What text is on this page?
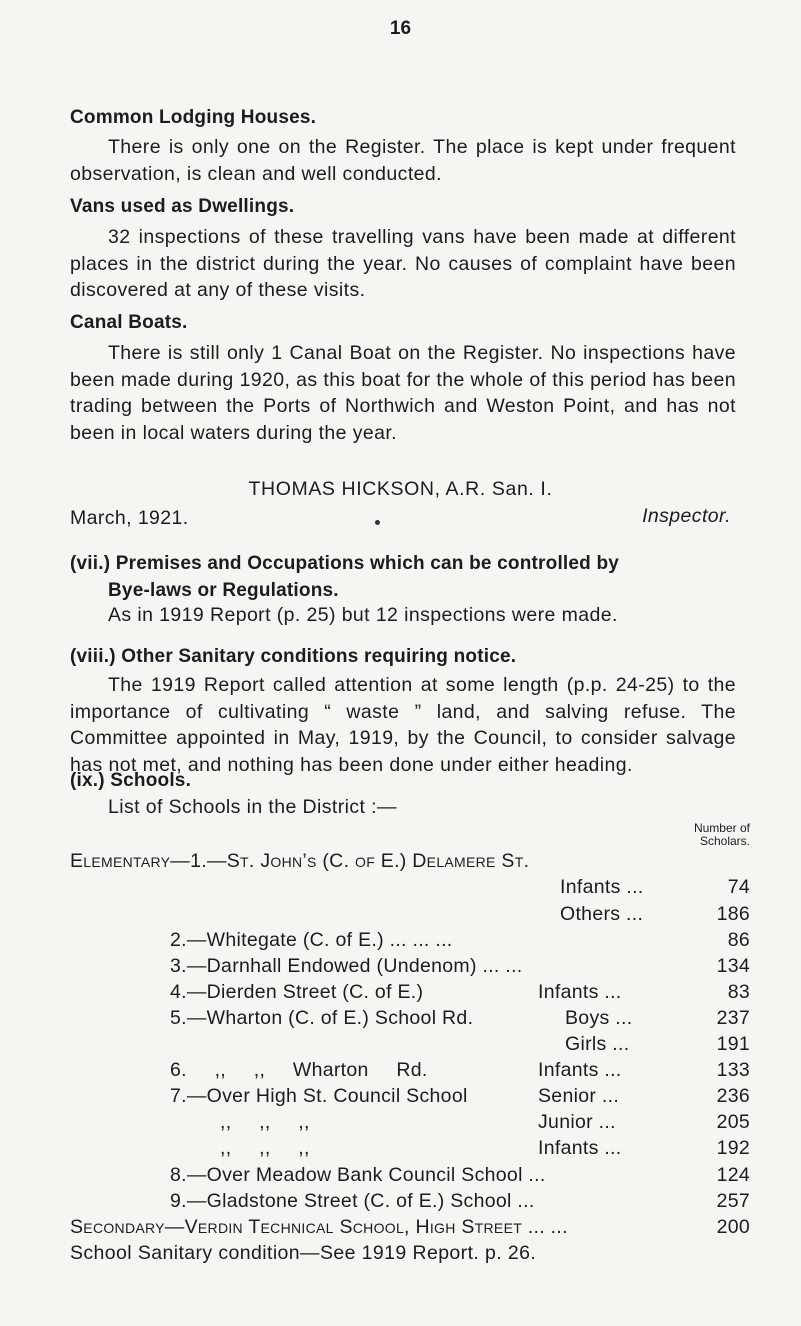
16
Common Lodging Houses.
There is only one on the Register. The place is kept under frequent observation, is clean and well conducted.
Vans used as Dwellings.
32 inspections of these travelling vans have been made at different places in the district during the year. No causes of complaint have been discovered at any of these visits.
Canal Boats.
There is still only 1 Canal Boat on the Register. No inspections have been made during 1920, as this boat for the whole of this period has been trading between the Ports of Northwich and Weston Point, and has not been in local waters during the year.
THOMAS HICKSON, A.R. San. I.
Inspector.
March, 1921.
(vii.) Premises and Occupations which can be controlled by
Bye-laws or Regulations.
As in 1919 Report (p. 25) but 12 inspections were made.
(viii.) Other Sanitary conditions requiring notice.
The 1919 Report called attention at some length (p.p. 24-25) to the importance of cultivating “ waste ” land, and salving refuse. The Committee appointed in May, 1919, by the Council, to consider salvage has not met, and nothing has been done under either heading.
(ix.) Schools.
List of Schools in the District :—
Number of
Scholars.
Elementary—1.—St. John’s (C. of E.) Delamere St.
Infants ...	74
Others ...	186
2.—Whitegate (C. of E.) ... ... ...	86
3.—Darnhall Endowed (Undenom) ... ...	134
4.—Dierden Street (C. of E.)	Infants ...	83
5.—Wharton (C. of E.) School Rd.	Boys ...	237
Girls ...	191
6. ,, ,, Wharton Rd.	Infants ...	133
7.—Over High St. Council School	Senior ...	236
,, ,, ,,	Junior ...	205
,, ,, ,,	Infants ...	192
8.—Over Meadow Bank Council School ...	124
9.—Gladstone Street (C. of E.) School ...	257
Secondary—Verdin Technical School, High Street ... ...	200
School Sanitary condition—See 1919 Report. p. 26.
